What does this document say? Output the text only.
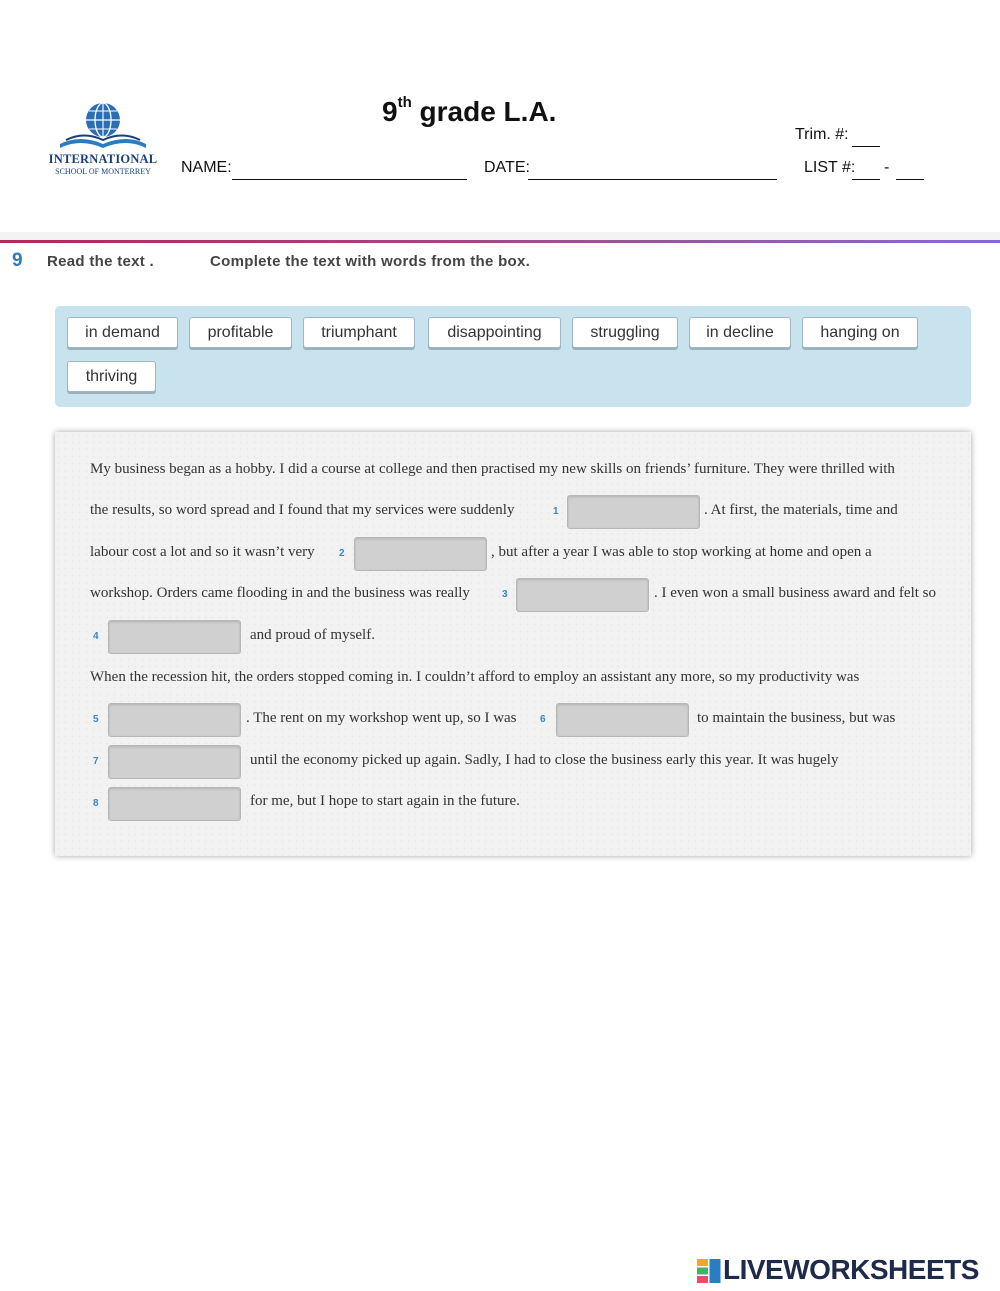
INTERNATIONAL
SCHOOL OF MONTERREY
9th grade L.A.
Trim. #:
NAME:	DATE:	LIST #: -
9 Read the text .	Complete the text with words from the box.
in demand	profitable	triumphant	disappointing	struggling	in decline	hanging on
thriving
My business began as a hobby. I did a course at college and then practised my new skills on friends’ furniture. They were thrilled with
the results, so word spread and I found that my services were suddenly	1	. At first, the materials, time and
labour cost a lot and so it wasn’t very 2	, but after a year I was able to stop working at home and open a
workshop. Orders came flooding in and the business was really	3	. I even won a small business award and felt so
4	and proud of myself.
When the recession hit, the orders stopped coming in. I couldn’t afford to employ an assistant any more, so my productivity was
5	. The rent on my workshop went up, so I was 6	to maintain the business, but was
7	until the economy picked up again. Sadly, I had to close the business early this year. It was hugely
8	for me, but I hope to start again in the future.
LIVEWORKSHEETS
